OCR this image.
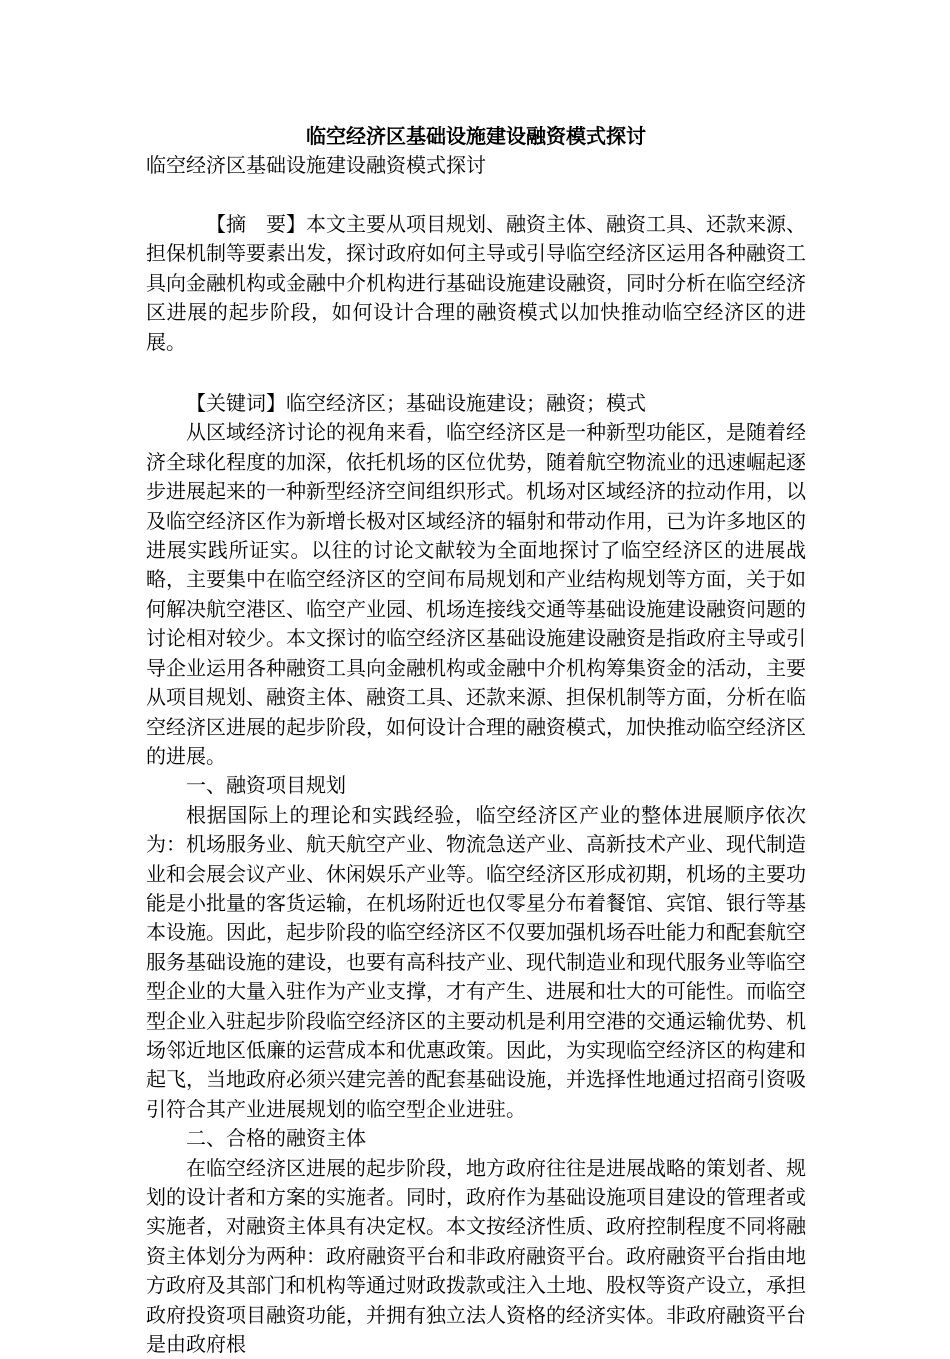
临空经济区基础设施建设融资模式探讨

临空经济区基础设施建设融资模式探讨

【摘　要】本文主要从项目规划、融资主体、融资工具、还款来源、担保机制等要素出发，探讨政府如何主导或引导临空经济区运用各种融资工具向金融机构或金融中介机构进行基础设施建设融资，同时分析在临空经济区进展的起步阶段，如何设计合理的融资模式以加快推动临空经济区的进展。

【关键词】临空经济区；基础设施建设；融资；模式

从区域经济讨论的视角来看，临空经济区是一种新型功能区，是随着经济全球化程度的加深，依托机场的区位优势，随着航空物流业的迅速崛起逐步进展起来的一种新型经济空间组织形式。机场对区域经济的拉动作用，以及临空经济区作为新增长极对区域经济的辐射和带动作用，已为许多地区的进展实践所证实。以往的讨论文献较为全面地探讨了临空经济区的进展战略，主要集中在临空经济区的空间布局规划和产业结构规划等方面，关于如何解决航空港区、临空产业园、机场连接线交通等基础设施建设融资问题的讨论相对较少。本文探讨的临空经济区基础设施建设融资是指政府主导或引导企业运用各种融资工具向金融机构或金融中介机构筹集资金的活动，主要从项目规划、融资主体、融资工具、还款来源、担保机制等方面，分析在临空经济区进展的起步阶段，如何设计合理的融资模式，加快推动临空经济区的进展。

一、融资项目规划

根据国际上的理论和实践经验，临空经济区产业的整体进展顺序依次为：机场服务业、航天航空产业、物流急送产业、高新技术产业、现代制造业和会展会议产业、休闲娱乐产业等。临空经济区形成初期，机场的主要功能是小批量的客货运输，在机场附近也仅零星分布着餐馆、宾馆、银行等基本设施。因此，起步阶段的临空经济区不仅要加强机场吞吐能力和配套航空服务基础设施的建设，也要有高科技产业、现代制造业和现代服务业等临空型企业的大量入驻作为产业支撑，才有产生、进展和壮大的可能性。而临空型企业入驻起步阶段临空经济区的主要动机是利用空港的交通运输优势、机场邻近地区低廉的运营成本和优惠政策。因此，为实现临空经济区的构建和起飞，当地政府必须兴建完善的配套基础设施，并选择性地通过招商引资吸引符合其产业进展规划的临空型企业进驻。

二、合格的融资主体

在临空经济区进展的起步阶段，地方政府往往是进展战略的策划者、规划的设计者和方案的实施者。同时，政府作为基础设施项目建设的管理者或实施者，对融资主体具有决定权。本文按经济性质、政府控制程度不同将融资主体划分为两种：政府融资平台和非政府融资平台。政府融资平台指由地方政府及其部门和机构等通过财政拨款或注入土地、股权等资产设立，承担政府投资项目融资功能，并拥有独立法人资格的经济实体。非政府融资平台是由政府根
